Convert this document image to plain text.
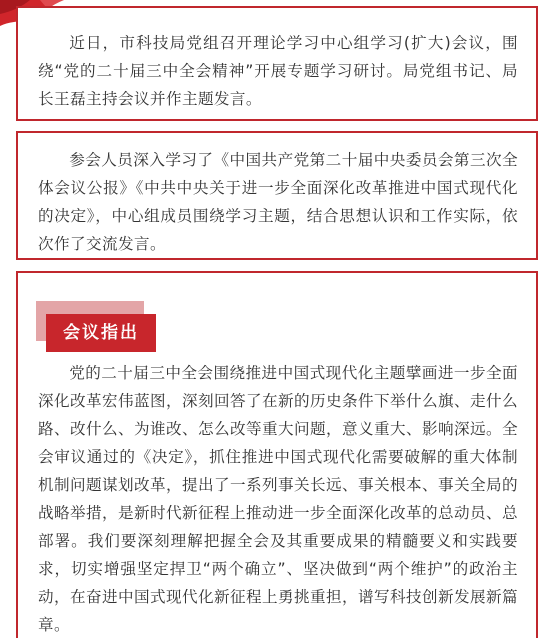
近日，市科技局党组召开理论学习中心组学习(扩大)会议，围绕“党的二十届三中全会精神”开展专题学习研讨。局党组书记、局长王磊主持会议并作主题发言。

参会人员深入学习了《中国共产党第二十届中央委员会第三次全体会议公报》《中共中央关于进一步全面深化改革推进中国式现代化的决定》，中心组成员围绕学习主题，结合思想认识和工作实际，依次作了交流发言。

会议指出

党的二十届三中全会围绕推进中国式现代化主题擘画进一步全面深化改革宏伟蓝图，深刻回答了在新的历史条件下举什么旗、走什么路、改什么、为谁改、怎么改等重大问题，意义重大、影响深远。全会审议通过的《决定》，抓住推进中国式现代化需要破解的重大体制机制问题谋划改革，提出了一系列事关长远、事关根本、事关全局的战略举措，是新时代新征程上推动进一步全面深化改革的总动员、总部署。我们要深刻理解把握全会及其重要成果的精髓要义和实践要求，切实增强坚定捍卫“两个确立”、坚决做到“两个维护”的政治主动，在奋进中国式现代化新征程上勇挑重担，谱写科技创新发展新篇章。
